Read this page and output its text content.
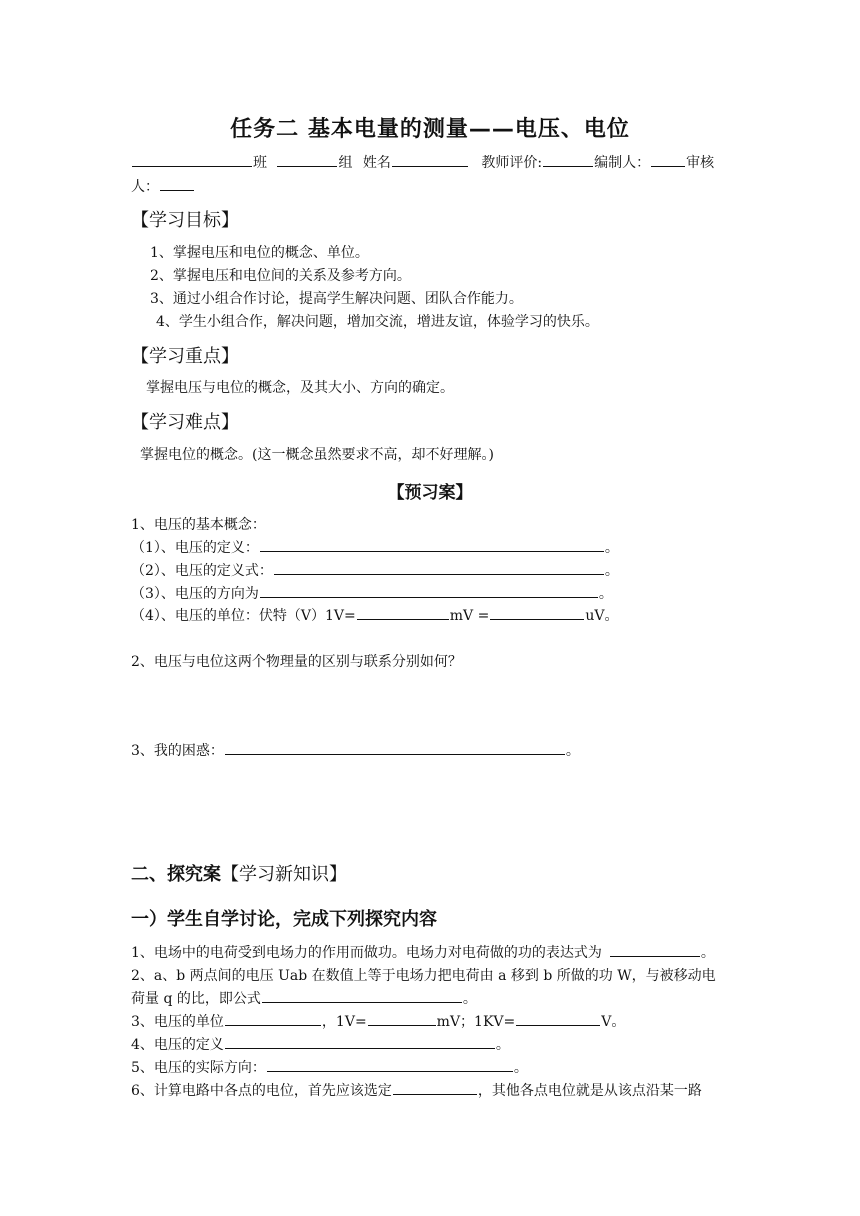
任务二 基本电量的测量——电压、电位
班	组 姓名	教师评价:	编制人：	审核
人：
【学习目标】
1、掌握电压和电位的概念、单位。
2、掌握电压和电位间的关系及参考方向。
3、通过小组合作讨论，提高学生解决问题、团队合作能力。
4、学生小组合作，解决问题，增加交流，增进友谊，体验学习的快乐。
【学习重点】
掌握电压与电位的概念，及其大小、方向的确定。
【学习难点】
掌握电位的概念。(这一概念虽然要求不高，却不好理解。)
【预习案】
1、电压的基本概念：
（1）、电压的定义：	。
（2）、电压的定义式：	。
（3）、电压的方向为	。
（4）、电压的单位：伏特（V）1V=	mV =	uV。
2、电压与电位这两个物理量的区别与联系分别如何？
3、我的困惑：	。
二、探究案【学习新知识】
一）学生自学讨论，完成下列探究内容
1、电场中的电荷受到电场力的作用而做功。电场力对电荷做的功的表达式为	。
2、a、b 两点间的电压 Uab 在数值上等于电场力把电荷由 a 移到 b 所做的功 W，与被移动电
荷量 q 的比，即公式	。
3、电压的单位	，1V=	mV；1KV=	V。
4、电压的定义	。
5、电压的实际方向：	。
6、计算电路中各点的电位，首先应该选定	，其他各点电位就是从该点沿某一路
